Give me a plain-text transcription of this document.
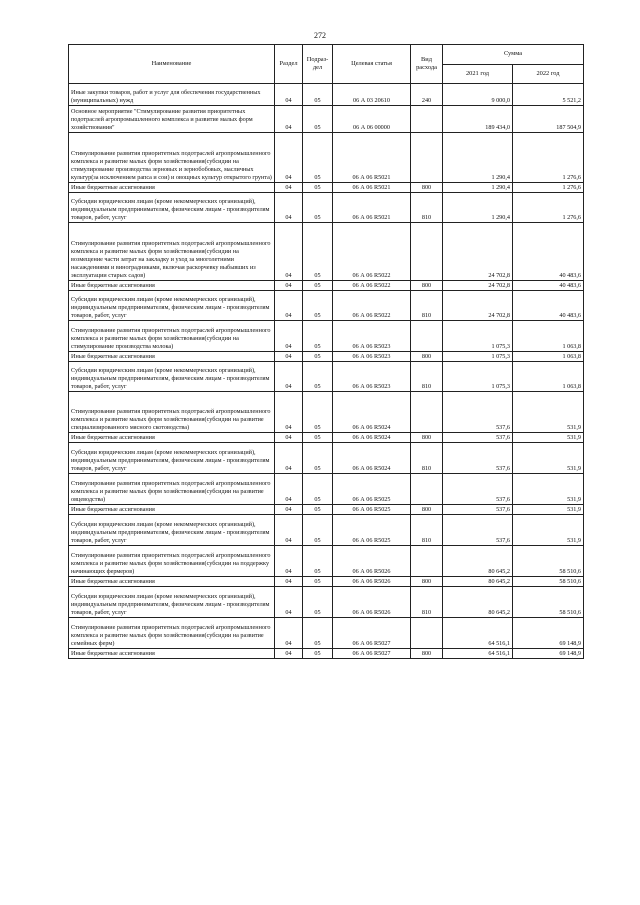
272
Наименование	Раздел	Подраз-дел	Целевая статья	Вид расхода	Сумма	
					2021 год	2022 год
Иные закупки товаров, работ и услуг для обеспечения государственных (муниципальных) нужд	04	05	06 А 03 20610	240	9 000,0	5 521,2
Основное мероприятие "Стимулирование развития приоритетных подотраслей агропромышленного комплекса и развитие малых форм хозяйствования"	04	05	06 А 06 00000		189 434,0	187 504,9
Стимулирование развития приоритетных подотраслей агропромышленного комплекса и развитие малых форм хозяйствования(субсидии на стимулирование производства зерновых и зернобобовых, масличных культур(за исключением рапса и сои) и овощных культур открытого грунта)	04	05	06 А 06 R5021		1 290,4	1 276,6
Иные бюджетные ассигнования	04	05	06 А 06 R5021	800	1 290,4	1 276,6
Субсидии юридическим лицам (кроме некоммерческих организаций), индивидуальным предпринимателям, физическим лицам - производителям товаров, работ, услуг	04	05	06 А 06 R5021	810	1 290,4	1 276,6
Стимулирование развития приоритетных подотраслей агропромышленного комплекса и развитие малых форм хозяйствования(субсидии на возмещение части затрат на закладку и уход за многолетними насаждениями и виноградниками, включая раскорчевку выбывших из эксплуатации старых садов)	04	05	06 А 06 R5022		24 702,8	40 483,6
Иные бюджетные ассигнования	04	05	06 А 06 R5022	800	24 702,8	40 483,6
Субсидии юридическим лицам (кроме некоммерческих организаций), индивидуальным предпринимателям, физическим лицам - производителям товаров, работ, услуг	04	05	06 А 06 R5022	810	24 702,8	40 483,6
Стимулирование развития приоритетных подотраслей агропромышленного комплекса и развитие малых форм хозяйствования(субсидии на стимулирование производства молока)	04	05	06 А 06 R5023		1 075,3	1 063,8
Иные бюджетные ассигнования	04	05	06 А 06 R5023	800	1 075,3	1 063,8
Субсидии юридическим лицам (кроме некоммерческих организаций), индивидуальным предпринимателям, физическим лицам - производителям товаров, работ, услуг	04	05	06 А 06 R5023	810	1 075,3	1 063,8
Стимулирование развития приоритетных подотраслей агропромышленного комплекса и развитие малых форм хозяйствования(субсидии на развитие специализированного мясного скотоводства)	04	05	06 А 06 R5024		537,6	531,9
Иные бюджетные ассигнования	04	05	06 А 06 R5024	800	537,6	531,9
Субсидии юридическим лицам (кроме некоммерческих организаций), индивидуальным предпринимателям, физическим лицам - производителям товаров, работ, услуг	04	05	06 А 06 R5024	810	537,6	531,9
Стимулирование развития приоритетных подотраслей агропромышленного комплекса и развитие малых форм хозяйствования(субсидии на развитие овцеводства)	04	05	06 А 06 R5025		537,6	531,9
Иные бюджетные ассигнования	04	05	06 А 06 R5025	800	537,6	531,9
Субсидии юридическим лицам (кроме некоммерческих организаций), индивидуальным предпринимателям, физическим лицам - производителям товаров, работ, услуг	04	05	06 А 06 R5025	810	537,6	531,9
Стимулирование развития приоритетных подотраслей агропромышленного комплекса и развитие малых форм хозяйствования(субсидии на поддержку начинающих фермеров)	04	05	06 А 06 R5026		80 645,2	58 510,6
Иные бюджетные ассигнования	04	05	06 А 06 R5026	800	80 645,2	58 510,6
Субсидии юридическим лицам (кроме некоммерческих организаций), индивидуальным предпринимателям, физическим лицам - производителям товаров, работ, услуг	04	05	06 А 06 R5026	810	80 645,2	58 510,6
Стимулирование развития приоритетных подотраслей агропромышленного комплекса и развитие малых форм хозяйствования(субсидии на развитие семейных ферм)	04	05	06 А 06 R5027		64 516,1	69 148,9
Иные бюджетные ассигнования	04	05	06 А 06 R5027	800	64 516,1	69 148,9
